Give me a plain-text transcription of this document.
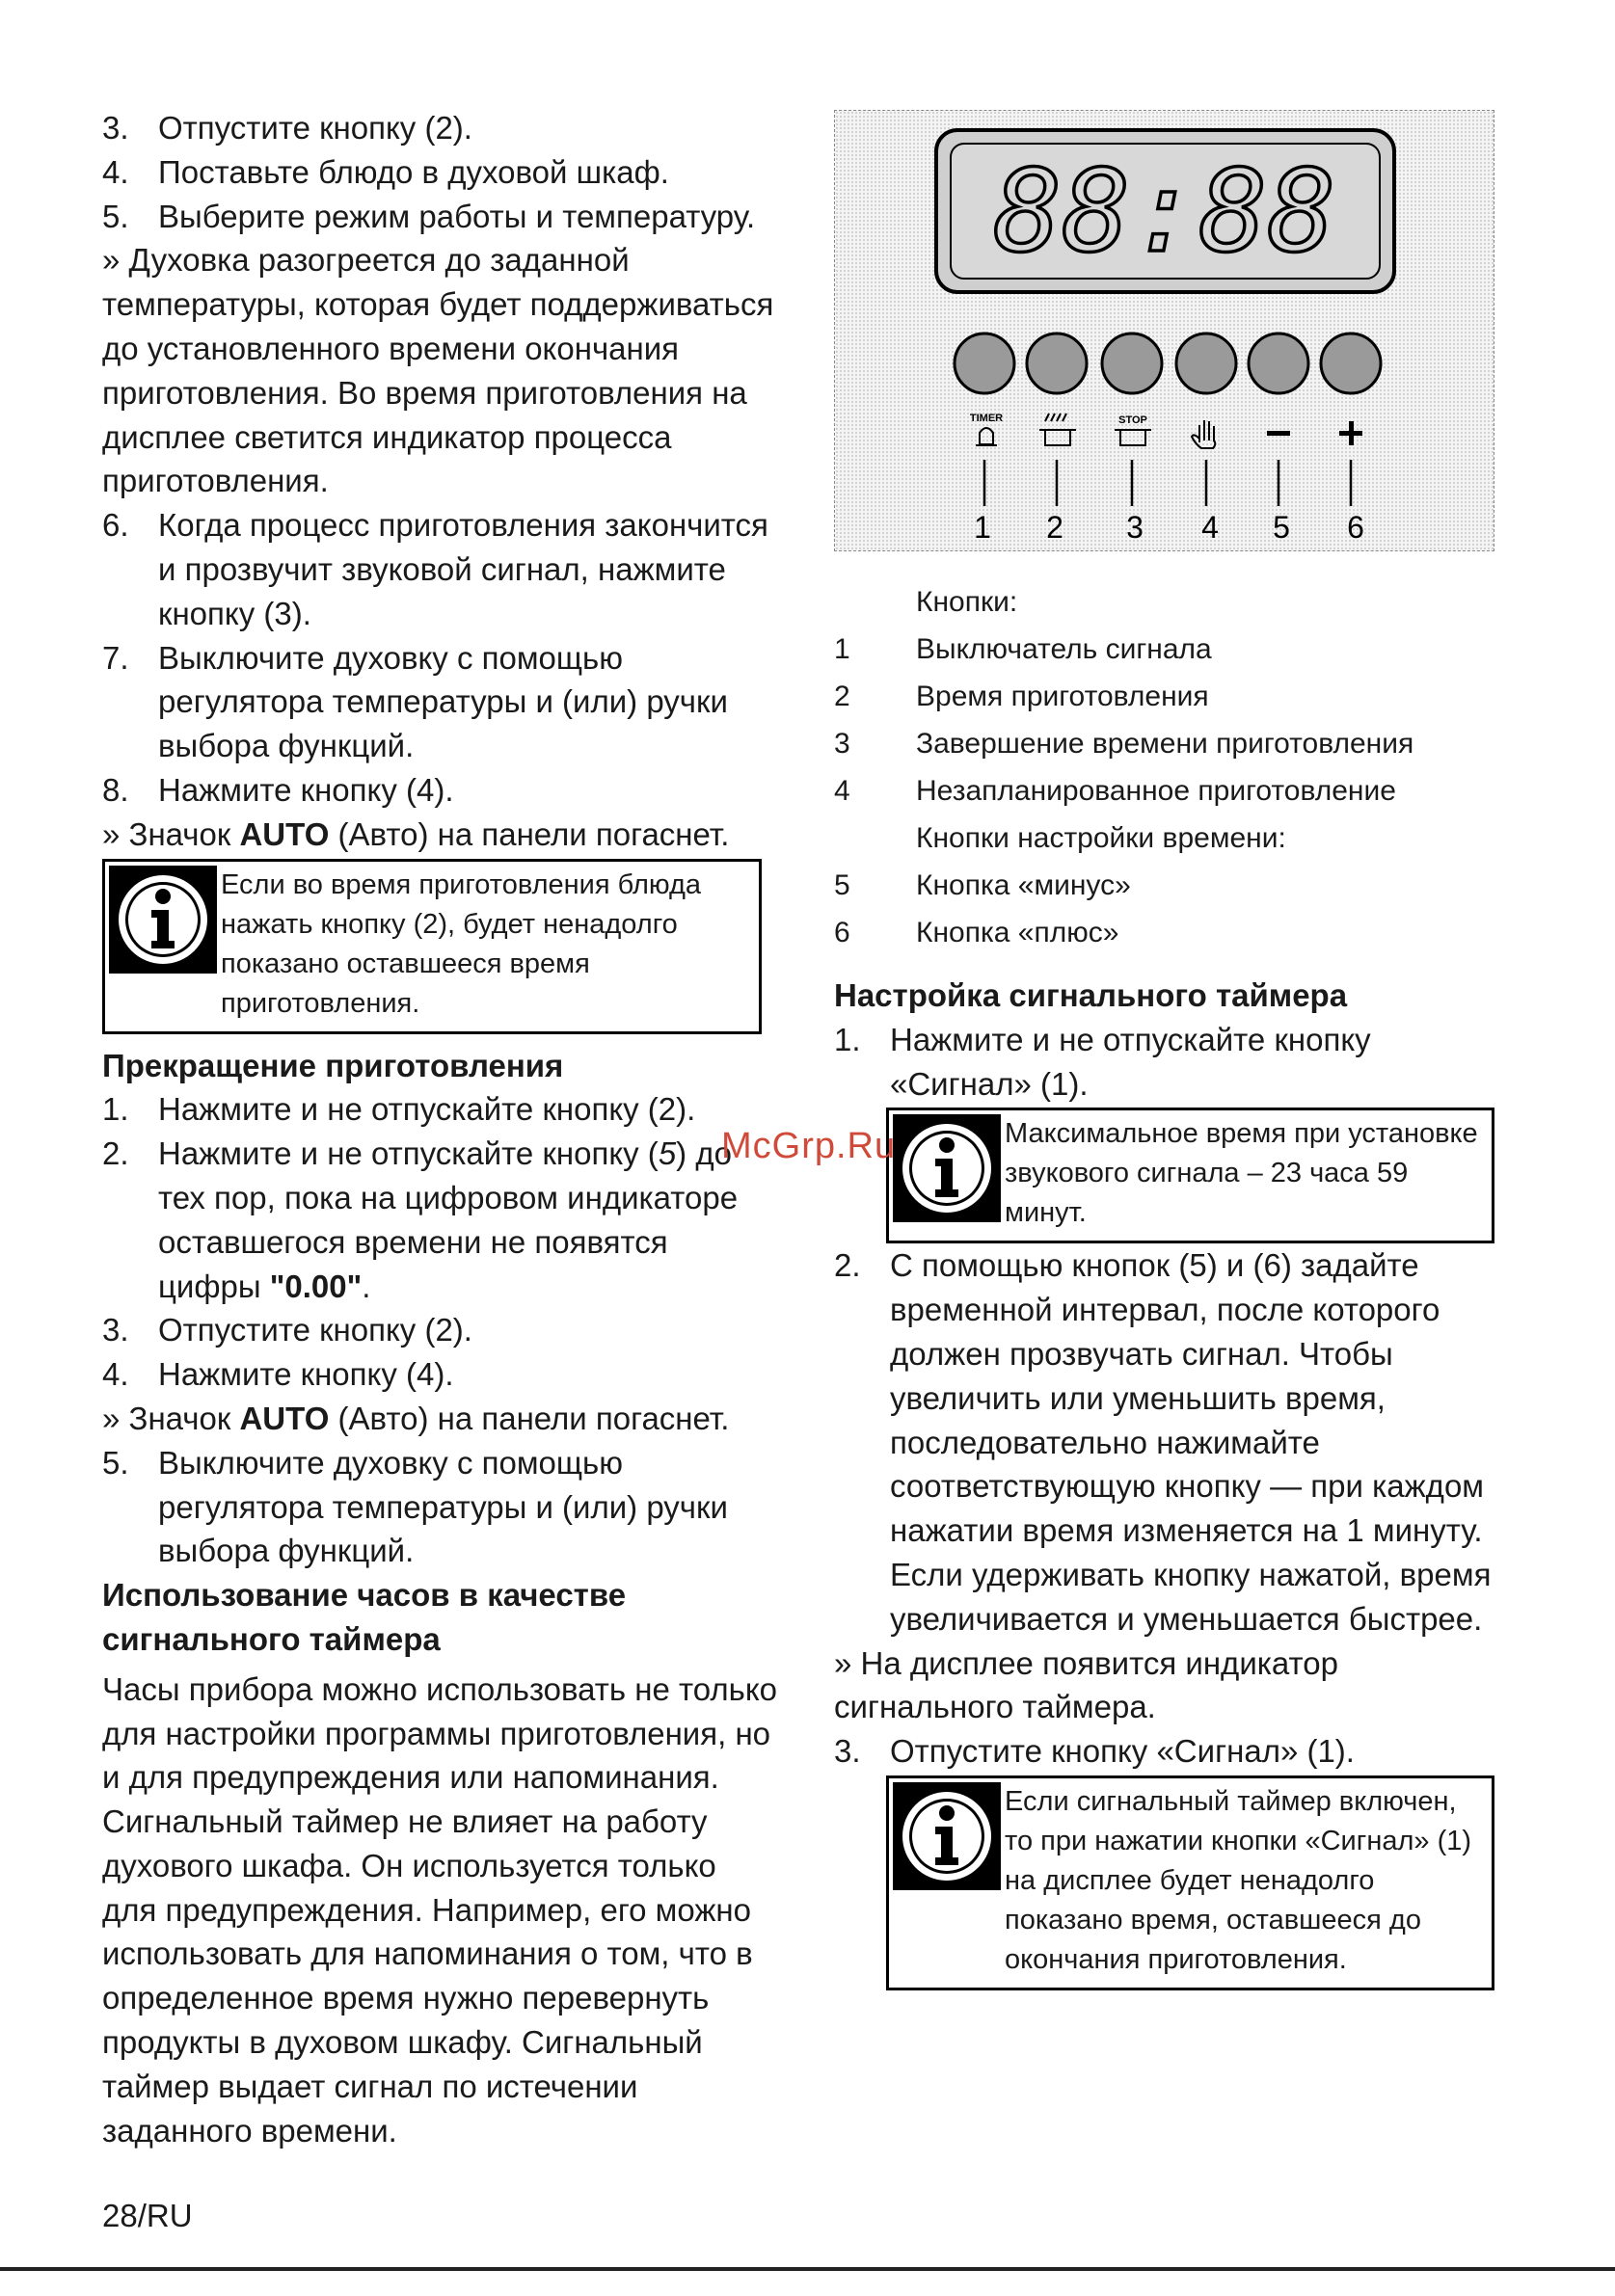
3. Отпустите кнопку (2).
4. Поставьте блюдо в духовой шкаф.
5. Выберите режим работы и температуру.

» Духовка разогреется до заданной температуры, которая будет поддерживаться до установленного времени окончания приготовления. Во время приготовления на дисплее светится индикатор процесса приготовления.

6. Когда процесс приготовления закончится и прозвучит звуковой сигнал, нажмите кнопку (3).
7. Выключите духовку с помощью регулятора температуры и (или) ручки выбора функций.
8. Нажмите кнопку (4).

» Значок AUTO (Авто) на панели погаснет.

Если во время приготовления блюда нажать кнопку (2), будет ненадолго показано оставшееся время приготовления.

Прекращение приготовления

1. Нажмите и не отпускайте кнопку (2).
2. Нажмите и не отпускайте кнопку (5) до тех пор, пока на цифровом индикаторе оставшегося времени не появятся цифры "0.00".
3. Отпустите кнопку (2).
4. Нажмите кнопку (4).

» Значок AUTO (Авто) на панели погаснет.

5. Выключите духовку с помощью регулятора температуры и (или) ручки выбора функций.

Использование часов в качестве сигнального таймера

Часы прибора можно использовать не только для настройки программы приготовления, но и для предупреждения или напоминания. Сигнальный таймер не влияет на работу духового шкафа. Он используется только для предупреждения. Например, его можно использовать для напоминания о том, что в определенное время нужно перевернуть продукты в духовом шкафу. Сигнальный таймер выдает сигнал по истечении заданного времени.

88:88
TIMER	STOP
1 2 3 4 5 6
Кнопки:
1	Выключатель сигнала
2	Время приготовления
3	Завершение времени приготовления
4	Незапланированное приготовление
Кнопки настройки времени:
5	Кнопка «минус»
6	Кнопка «плюс»

Настройка сигнального таймера

1. Нажмите и не отпускайте кнопку «Сигнал» (1).
Максимальное время при установке звукового сигнала – 23 часа 59 минут.
2. С помощью кнопок (5) и (6) задайте временной интервал, после которого должен прозвучать сигнал. Чтобы увеличить или уменьшить время, последовательно нажимайте соответствующую кнопку — при каждом нажатии время изменяется на 1 минуту. Если удерживать кнопку нажатой, время увеличивается и уменьшается быстрее.

» На дисплее появится индикатор сигнального таймера.

3. Отпустите кнопку «Сигнал» (1).
Если сигнальный таймер включен, то при нажатии кнопки «Сигнал» (1) на дисплее будет ненадолго показано время, оставшееся до окончания приготовления.
McGrp.Ru
28/RU
